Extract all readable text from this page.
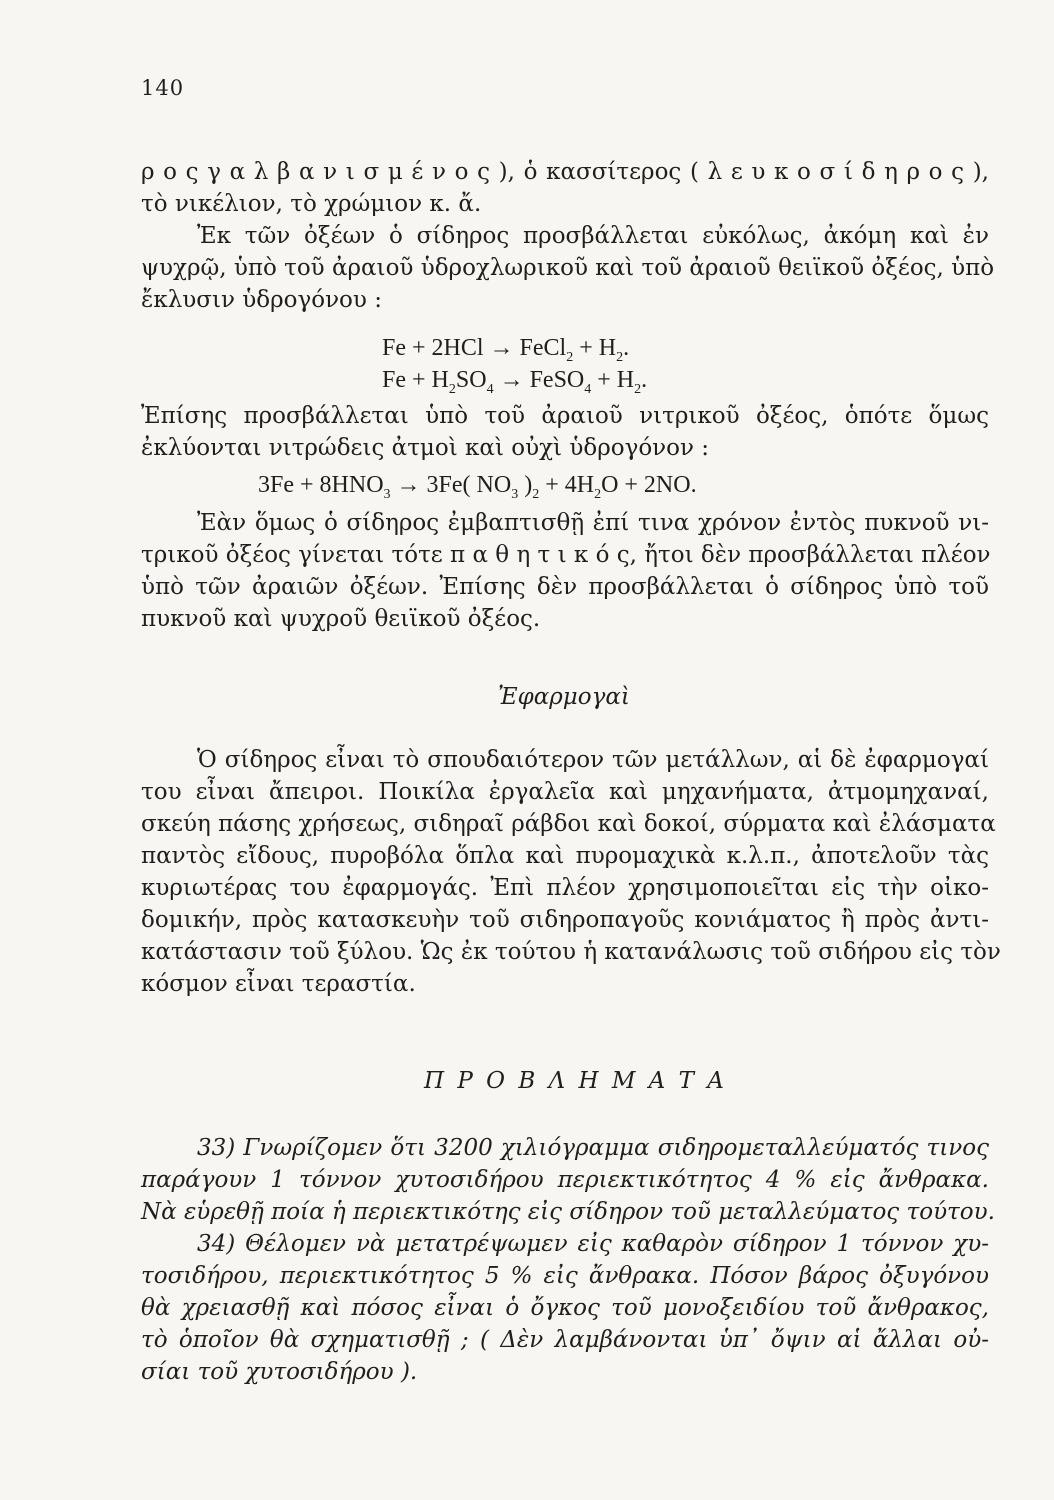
140
ρ ο ς γ α λ β α ν ι σ μ έ ν ο ς ), ὁ κασσίτερος ( λ ε υ κ ο σ ί δ η ρ ο ς ),
τὸ νικέλιον, τὸ χρώμιον κ. ἄ.
Ἐκ τῶν ὀξέων ὁ σίδηρος προσβάλλεται εὐκόλως, ἀκόμη καὶ ἐν
ψυχρῷ, ὑπὸ τοῦ ἀραιοῦ ὑδροχλωρικοῦ καὶ τοῦ ἀραιοῦ θειϊκοῦ ὀξέος, ὑπὸ
ἔκλυσιν ὑδρογόνου :
Fe + 2HCl → FeCl$_2$ + $H_2$.
$Fe + H_2SO_4$ → FeSO$_4$ + $H_2$.
Ἐπίσης προσβάλλεται ὑπὸ τοῦ ἀραιοῦ νιτρικοῦ ὀξέος, ὁπότε ὅμως
ἐκλύονται νιτρώδεις ἀτμοὶ καὶ οὐχὶ ὑδρογόνον :
$3Fe + 8HNO_3 \to 3Fe$( $NO_3$ )$_2 + 4H_2O + 2NO$.
Ἐὰν ὅμως ὁ σίδηρος ἐμβαπτισθῇ ἐπί τινα χρόνον ἐντὸς πυκνοῦ νι-
τρικοῦ ὀξέος γίνεται τότε π α θ η τ ι κ ό ς, ἤτοι δὲν προσβάλλεται πλέον
ὑπὸ τῶν ἀραιῶν ὀξέων. Ἐπίσης δὲν προσβάλλεται ὁ σίδηρος ὑπὸ τοῦ
πυκνοῦ καὶ ψυχροῦ θειϊκοῦ ὀξέος.
Ἐφαρμογαὶ
Ὁ σίδηρος εἶναι τὸ σπουδαιότερον τῶν μετάλλων, αἱ δὲ ἐφαρμογαί
του εἶναι ἄπειροι. Ποικίλα ἐργαλεῖα καὶ μηχανήματα, ἀτμομηχαναί,
σκεύη πάσης χρήσεως, σιδηραῖ ράβδοι καὶ δοκοί, σύρματα καὶ ἐλάσματα
παντὸς εἴδους, πυροβόλα ὅπλα καὶ πυρομαχικὰ κ.λ.π., ἀποτελοῦν τὰς
κυριωτέρας του ἐφαρμογάς. Ἐπὶ πλέον χρησιμοποιεῖται εἰς τὴν οἰκο-
δομικήν, πρὸς κατασκευὴν τοῦ σιδηροπαγοῦς κονιάματος ἢ πρὸς ἀντι-
κατάστασιν τοῦ ξύλου. Ὡς ἐκ τούτου ἡ κατανάλωσις τοῦ σιδήρου εἰς τὸν
κόσμον εἶναι τεραστία.
Π Ρ Ο Β Λ Η Μ Α Τ Α
33) Γνωρίζομεν ὅτι 3200 χιλιόγραμμα σιδηρομεταλλεύματός τινος
παράγουν 1 τόννον χυτοσιδήρου περιεκτικότητος 4 % εἰς ἄνθρακα.
Νὰ εὑρεθῇ ποία ἡ περιεκτικότης εἰς σίδηρον τοῦ μεταλλεύματος τούτου.
34) Θέλομεν νὰ μετατρέψωμεν εἰς καθαρὸν σίδηρον 1 τόννον χυ-
τοσιδήρου, περιεκτικότητος 5 % εἰς ἄνθρακα. Πόσον βάρος ὀξυγόνου
θὰ χρειασθῇ καὶ πόσος εἶναι ὁ ὄγκος τοῦ μονοξειδίου τοῦ ἄνθρακος,
τὸ ὁποῖον θὰ σχηματισθῇ ; ( Δὲν λαμβάνονται ὑπ᾽ ὄψιν αἱ ἄλλαι οὐ-
σίαι τοῦ χυτοσιδήρου ).
